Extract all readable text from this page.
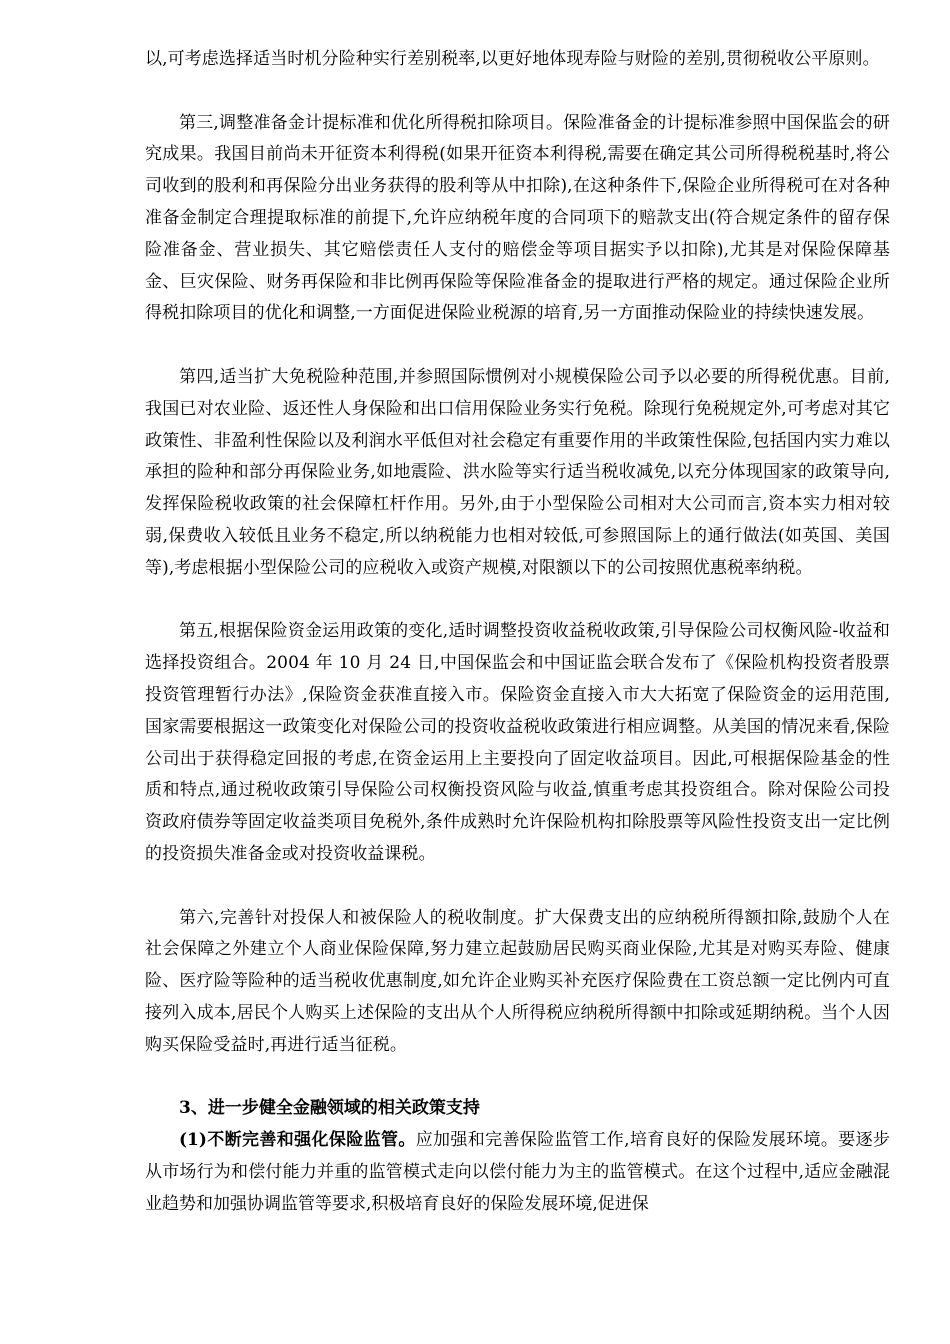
以,可考虑选择适当时机分险种实行差别税率,以更好地体现寿险与财险的差别,贯彻税收公平原则。

第三,调整准备金计提标准和优化所得税扣除项目。保险准备金的计提标准参照中国保监会的研究成果。我国目前尚未开征资本利得税(如果开征资本利得税,需要在确定其公司所得税税基时,将公司收到的股利和再保险分出业务获得的股利等从中扣除),在这种条件下,保险企业所得税可在对各种准备金制定合理提取标准的前提下,允许应纳税年度的合同项下的赔款支出(符合规定条件的留存保险准备金、营业损失、其它赔偿责任人支付的赔偿金等项目据实予以扣除),尤其是对保险保障基金、巨灾保险、财务再保险和非比例再保险等保险准备金的提取进行严格的规定。通过保险企业所得税扣除项目的优化和调整,一方面促进保险业税源的培育,另一方面推动保险业的持续快速发展。

第四,适当扩大免税险种范围,并参照国际惯例对小规模保险公司予以必要的所得税优惠。目前,我国已对农业险、返还性人身保险和出口信用保险业务实行免税。除现行免税规定外,可考虑对其它政策性、非盈利性保险以及利润水平低但对社会稳定有重要作用的半政策性保险,包括国内实力难以承担的险种和部分再保险业务,如地震险、洪水险等实行适当税收减免,以充分体现国家的政策导向,发挥保险税收政策的社会保障杠杆作用。另外,由于小型保险公司相对大公司而言,资本实力相对较弱,保费收入较低且业务不稳定,所以纳税能力也相对较低,可参照国际上的通行做法(如英国、美国等),考虑根据小型保险公司的应税收入或资产规模,对限额以下的公司按照优惠税率纳税。

第五,根据保险资金运用政策的变化,适时调整投资收益税收政策,引导保险公司权衡风险-收益和选择投资组合。2004 年 10 月 24 日,中国保监会和中国证监会联合发布了《保险机构投资者股票投资管理暂行办法》,保险资金获准直接入市。保险资金直接入市大大拓宽了保险资金的运用范围,国家需要根据这一政策变化对保险公司的投资收益税收政策进行相应调整。从美国的情况来看,保险公司出于获得稳定回报的考虑,在资金运用上主要投向了固定收益项目。因此,可根据保险基金的性质和特点,通过税收政策引导保险公司权衡投资风险与收益,慎重考虑其投资组合。除对保险公司投资政府债券等固定收益类项目免税外,条件成熟时允许保险机构扣除股票等风险性投资支出一定比例的投资损失准备金或对投资收益课税。

第六,完善针对投保人和被保险人的税收制度。扩大保费支出的应纳税所得额扣除,鼓励个人在社会保障之外建立个人商业保险保障,努力建立起鼓励居民购买商业保险,尤其是对购买寿险、健康险、医疗险等险种的适当税收优惠制度,如允许企业购买补充医疗保险费在工资总额一定比例内可直接列入成本,居民个人购买上述保险的支出从个人所得税应纳税所得额中扣除或延期纳税。当个人因购买保险受益时,再进行适当征税。

3、进一步健全金融领域的相关政策支持

(1)不断完善和强化保险监管。应加强和完善保险监管工作,培育良好的保险发展环境。要逐步从市场行为和偿付能力并重的监管模式走向以偿付能力为主的监管模式。在这个过程中,适应金融混业趋势和加强协调监管等要求,积极培育良好的保险发展环境,促进保
